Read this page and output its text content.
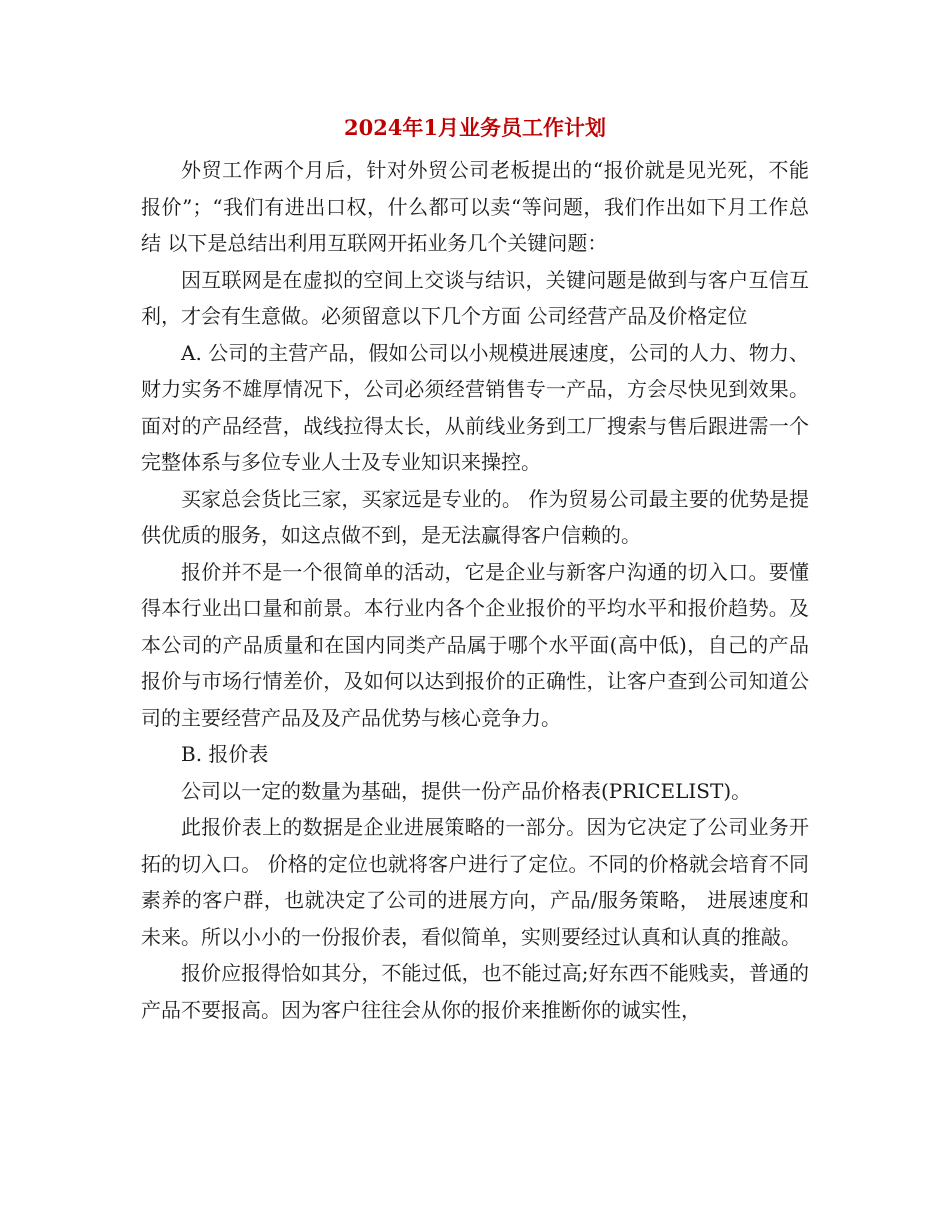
2024年1月业务员工作计划

外贸工作两个月后，针对外贸公司老板提出的“报价就是见光死，不能报价”；“我们有进出口权，什么都可以卖“等问题，我们作出如下月工作总结 以下是总结出利用互联网开拓业务几个关键问题：

因互联网是在虚拟的空间上交谈与结识，关键问题是做到与客户互信互利，才会有生意做。必须留意以下几个方面 公司经营产品及价格定位

A. 公司的主营产品，假如公司以小规模进展速度，公司的人力、物力、财力实务不雄厚情况下，公司必须经营销售专一产品，方会尽快见到效果。面对的产品经营，战线拉得太长，从前线业务到工厂搜索与售后跟进需一个完整体系与多位专业人士及专业知识来操控。

买家总会货比三家，买家远是专业的。 作为贸易公司最主要的优势是提供优质的服务，如这点做不到，是无法赢得客户信赖的。

报价并不是一个很简单的活动，它是企业与新客户沟通的切入口。要懂得本行业出口量和前景。本行业内各个企业报价的平均水平和报价趋势。及本公司的产品质量和在国内同类产品属于哪个水平面(高中低)，自己的产品报价与市场行情差价，及如何以达到报价的正确性，让客户查到公司知道公司的主要经营产品及及产品优势与核心竞争力。

B. 报价表

公司以一定的数量为基础，提供一份产品价格表(PRICELIST)。

此报价表上的数据是企业进展策略的一部分。因为它决定了公司业务开拓的切入口。 价格的定位也就将客户进行了定位。不同的价格就会培育不同素养的客户群，也就决定了公司的进展方向，产品/服务策略， 进展速度和未来。所以小小的一份报价表，看似简单，实则要经过认真和认真的推敲。

报价应报得恰如其分，不能过低，也不能过高;好东西不能贱卖，普通的产品不要报高。因为客户往往会从你的报价来推断你的诚实性，
